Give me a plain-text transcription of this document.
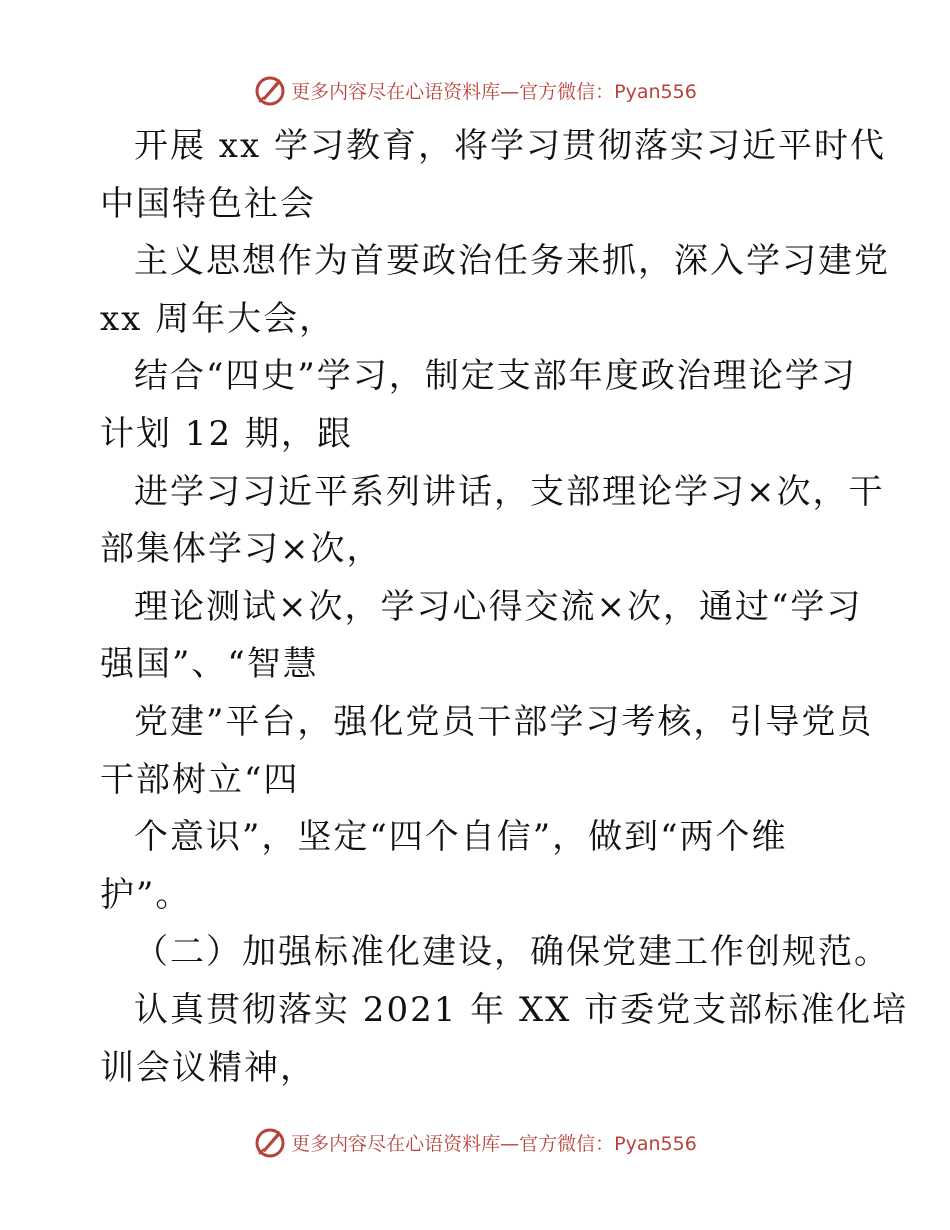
更多内容尽在心语资料库—官方微信：Pyan556
开展 xx 学习教育，将学习贯彻落实习近平时代
中国特色社会
主义思想作为首要政治任务来抓，深入学习建党
xx 周年大会，
结合“四史”学习，制定支部年度政治理论学习
计划 12 期，跟
进学习习近平系列讲话，支部理论学习×次，干
部集体学习×次，
理论测试×次，学习心得交流×次，通过“学习
强国”、“智慧
党建”平台，强化党员干部学习考核，引导党员
干部树立“四
个意识”，坚定“四个自信”，做到“两个维
护”。
（二）加强标准化建设，确保党建工作创规范。
认真贯彻落实 2021 年 XX 市委党支部标准化培
训会议精神，
更多内容尽在心语资料库—官方微信：Pyan556
